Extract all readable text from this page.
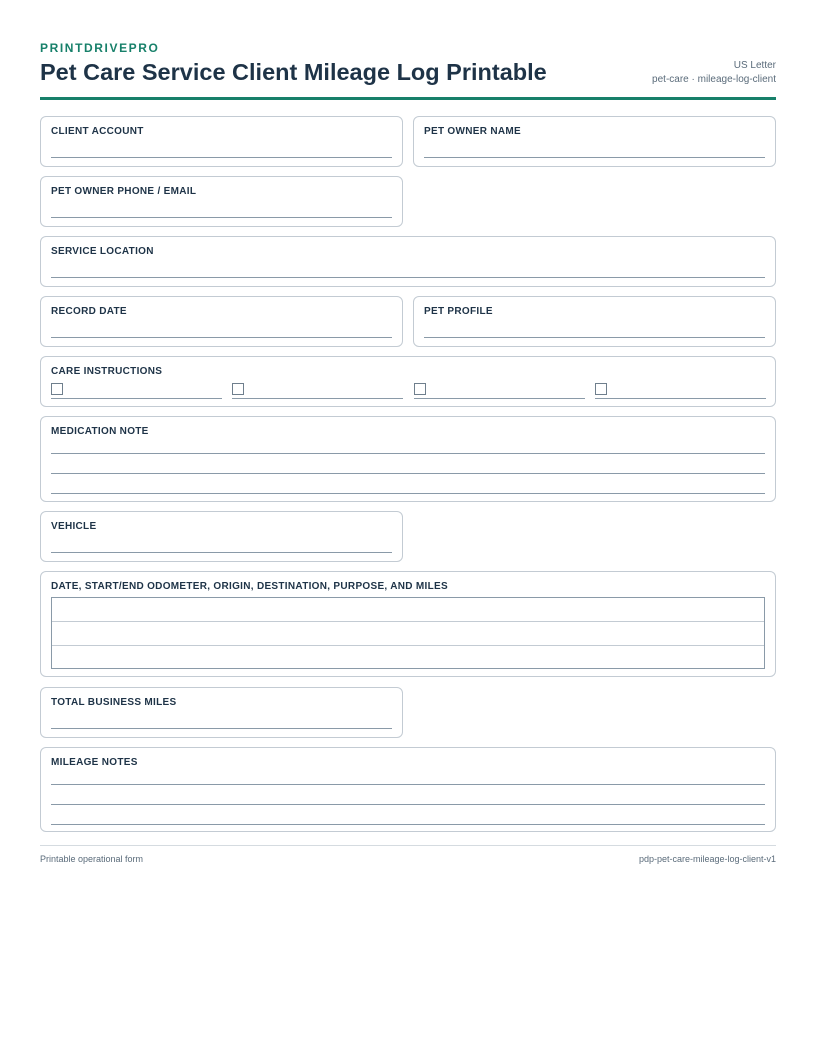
PRINTDRIVEPRO
Pet Care Service Client Mileage Log Printable	US Letter
pet-care · mileage-log-client
CLIENT ACCOUNT	PET OWNER NAME
PET OWNER PHONE / EMAIL
SERVICE LOCATION
RECORD DATE	PET PROFILE
CARE INSTRUCTIONS
MEDICATION NOTE
VEHICLE
DATE, START/END ODOMETER, ORIGIN, DESTINATION, PURPOSE, AND MILES
TOTAL BUSINESS MILES
MILEAGE NOTES
Printable operational form	pdp-pet-care-mileage-log-client-v1
